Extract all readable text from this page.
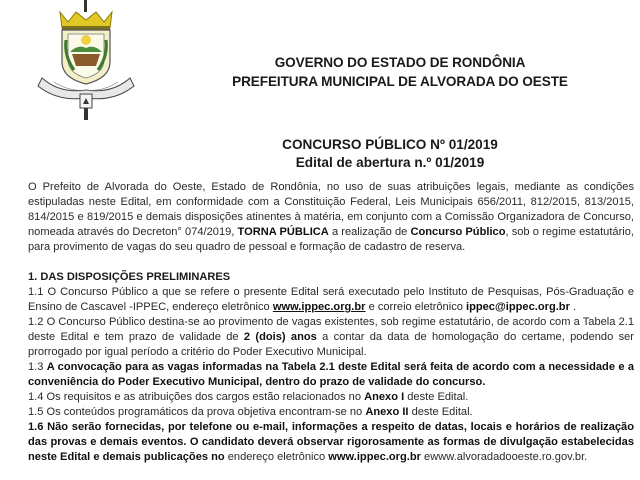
GOVERNO DO ESTADO DE RONDÔNIA
PREFEITURA MUNICIPAL DE ALVORADA DO OESTE
CONCURSO PÚBLICO Nº 01/2019
Edital de abertura n.º 01/2019

O Prefeito de Alvorada do Oeste, Estado de Rondônia, no uso de suas atribuições legais, mediante as condições estipuladas neste Edital, em conformidade com a Constituição Federal, Leis Municipais 656/2011, 812/2015, 813/2015, 814/2015 e 819/2015 e demais disposições atinentes à matéria, em conjunto com a Comissão Organizadora de Concurso, nomeada através do Decreton° 074/2019, TORNA PÚBLICA a realização de Concurso Público, sob o regime estatutário, para provimento de vagas do seu quadro de pessoal e formação de cadastro de reserva.

1. DAS DISPOSIÇÕES PRELIMINARES

1.1 O Concurso Público a que se refere o presente Edital será executado pelo Instituto de Pesquisas, Pós-Graduação e Ensino de Cascavel -IPPEC, endereço eletrônico www.ippec.org.br e correio eletrônico ippec@ippec.org.br .

1.2 O Concurso Público destina-se ao provimento de vagas existentes, sob regime estatutário, de acordo com a Tabela 2.1 deste Edital e tem prazo de validade de 2 (dois) anos a contar da data de homologação do certame, podendo ser prorrogado por igual período a critério do Poder Executivo Municipal.

1.3 A convocação para as vagas informadas na Tabela 2.1 deste Edital será feita de acordo com a necessidade e a conveniência do Poder Executivo Municipal, dentro do prazo de validade do concurso.

1.4 Os requisitos e as atribuições dos cargos estão relacionados no Anexo I deste Edital.

1.5 Os conteúdos programáticos da prova objetiva encontram-se no Anexo II deste Edital.

1.6 Não serão fornecidas, por telefone ou e-mail, informações a respeito de datas, locais e horários de realização das provas e demais eventos. O candidato deverá observar rigorosamente as formas de divulgação estabelecidas neste Edital e demais publicações no endereço eletrônico www.ippec.org.br ewww.alvoradadooeste.ro.gov.br.
